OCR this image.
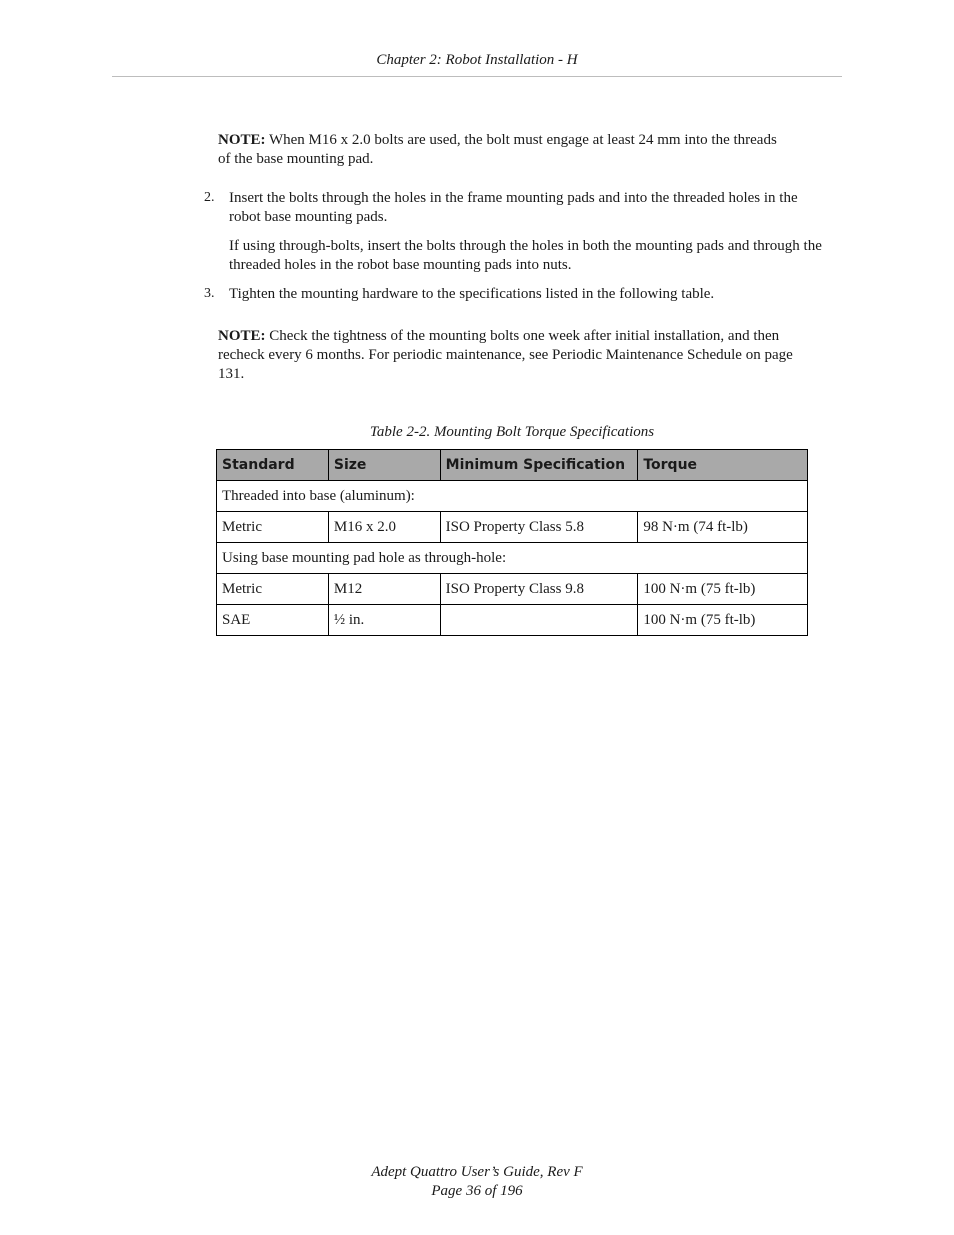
Chapter 2: Robot Installation - H
NOTE: When M16 x 2.0 bolts are used, the bolt must engage at least 24 mm into the threads of the base mounting pad.
2. Insert the bolts through the holes in the frame mounting pads and into the threaded holes in the robot base mounting pads.
If using through-bolts, insert the bolts through the holes in both the mounting pads and through the threaded holes in the robot base mounting pads into nuts.
3. Tighten the mounting hardware to the specifications listed in the following table.
NOTE: Check the tightness of the mounting bolts one week after initial installation, and then recheck every 6 months. For periodic maintenance, see Periodic Maintenance Schedule on page 131.
Table 2-2. Mounting Bolt Torque Specifications
Standard	Size	Minimum Specification	Torque
Threaded into base (aluminum):			
Metric	M16 x 2.0	ISO Property Class 5.8	98 N·m (74 ft-lb)
Using base mounting pad hole as through-hole:			
Metric	M12	ISO Property Class 9.8	100 N·m (75 ft-lb)
SAE	½ in.		100 N·m (75 ft-lb)
Adept Quattro User’s Guide, Rev F
Page 36 of 196
